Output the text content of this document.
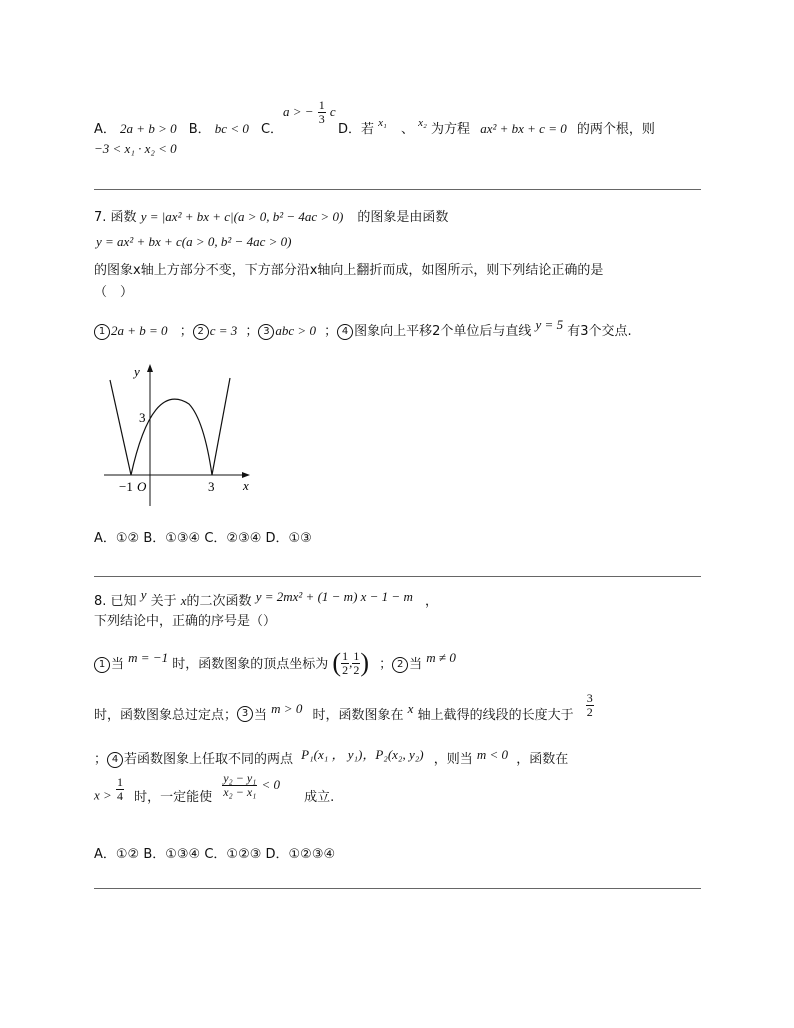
A． 2a + b > 0 B． bc < 0 C．
a > − $\frac{1}{3}$ c
D．若 $^{x_1}$ 、 $^{x_2}$ 为方程 ax² + bx + c = 0 的两个根，则
−3 < x₁ · x₂ < 0
7. 函数 y = |ax² + bx + c|(a > 0, b² − 4ac > 0) 的图象是由函数
y = ax² + bx + c(a > 0, b² − 4ac > 0)
的图象x轴上方部分不变，下方部分沿x轴向上翻折而成，如图所示，则下列结论正确的是
（　）
1 2a + b = 0 ； 2 c = 3 ； 3 abc > 0 ； 4 图象向上平移2个单位后与直线 y = 5 有3个交点.
y
x
3
−1 O	3
A．①② B．①③④ C．②③④ D．①③
8. 已知 y 关于 x的二次函数 y = 2mx² + (1 − m) x − 1 − m ，
下列结论中，正确的序号是（）
1 当 m = −1 时，函数图象的顶点坐标为 ( $\frac{1}{2}$ , $\frac{1}{2}$ ) ； 2 当 m ≠ 0
时，函数图象总过定点； 3 当 m > 0 时，函数图象在 x 轴上截得的线段的长度大于 $\frac{3}{2}$
； 4 若函数图象上任取不同的两点 P₁(x₁ ， y₁)，P₂(x₂, y₂) ，则当 m < 0 ，函数在
$x > \frac{1}{4}$ 时，一定能使 $\frac{\text{y₂ − y₁}}{\text{x₂ − x₁}} < 0$ 成立.
A．①② B．①③④ C．①②③ D．①②③④
